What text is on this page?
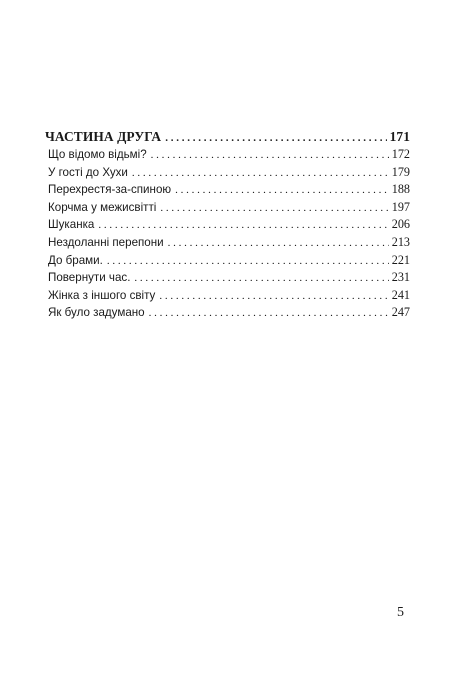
ЧАСТИНА ДРУГА . . .	171
Що відомо відьмі? . . .	172
У гості до Хухи . . .	179
Перехрестя-за-спиною . . .	188
Корчма у межисвітті . . .	197
Шуканка . . .	206
Нездоланні перепони . . .	213
До брами. . . .	221
Повернути час. . . .	231
Жінка з іншого світу . . .	241
Як було задумано . . .	247
5
